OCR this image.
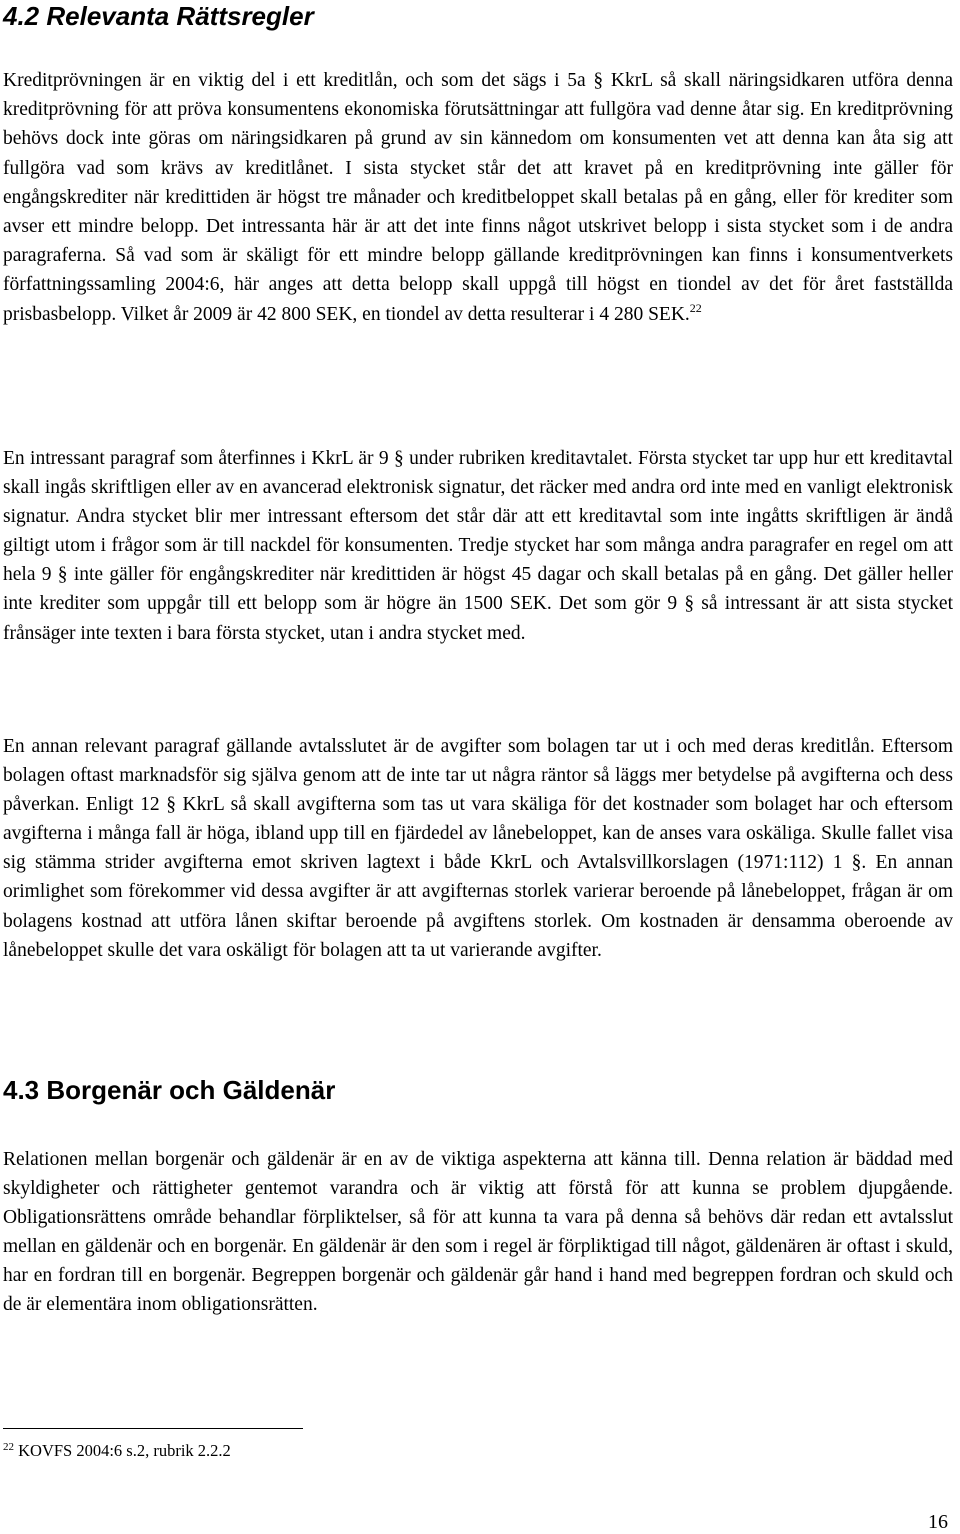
4.2 Relevanta Rättsregler

Kreditprövningen är en viktig del i ett kreditlån, och som det sägs i 5a § KkrL så skall näringsidkaren utföra denna kreditprövning för att pröva konsumentens ekonomiska förutsättningar att fullgöra vad denne åtar sig. En kreditprövning behövs dock inte göras om näringsidkaren på grund av sin kännedom om konsumenten vet att denna kan åta sig att fullgöra vad som krävs av kreditlånet. I sista stycket står det att kravet på en kreditprövning inte gäller för engångskrediter när kredittiden är högst tre månader och kreditbeloppet skall betalas på en gång, eller för krediter som avser ett mindre belopp. Det intressanta här är att det inte finns något utskrivet belopp i sista stycket som i de andra paragraferna. Så vad som är skäligt för ett mindre belopp gällande kreditprövningen kan finns i konsumentverkets författningssamling 2004:6, här anges att detta belopp skall uppgå till högst en tiondel av det för året fastställda prisbasbelopp. Vilket år 2009 är 42 800 SEK, en tiondel av detta resulterar i 4 280 SEK.$^{22}$

En intressant paragraf som återfinnes i KkrL är 9 § under rubriken kreditavtalet. Första stycket tar upp hur ett kreditavtal skall ingås skriftligen eller av en avancerad elektronisk signatur, det räcker med andra ord inte med en vanligt elektronisk signatur. Andra stycket blir mer intressant eftersom det står där att ett kreditavtal som inte ingåtts skriftligen är ändå giltigt utom i frågor som är till nackdel för konsumenten. Tredje stycket har som många andra paragrafer en regel om att hela 9 § inte gäller för engångskrediter när kredittiden är högst 45 dagar och skall betalas på en gång. Det gäller heller inte krediter som uppgår till ett belopp som är högre än 1500 SEK. Det som gör 9 § så intressant är att sista stycket frånsäger inte texten i bara första stycket, utan i andra stycket med.

En annan relevant paragraf gällande avtalsslutet är de avgifter som bolagen tar ut i och med deras kreditlån. Eftersom bolagen oftast marknadsför sig själva genom att de inte tar ut några räntor så läggs mer betydelse på avgifterna och dess påverkan. Enligt 12 § KkrL så skall avgifterna som tas ut vara skäliga för det kostnader som bolaget har och eftersom avgifterna i många fall är höga, ibland upp till en fjärdedel av lånebeloppet, kan de anses vara oskäliga. Skulle fallet visa sig stämma strider avgifterna emot skriven lagtext i både KkrL och Avtalsvillkorslagen (1971:112) 1 §. En annan orimlighet som förekommer vid dessa avgifter är att avgifternas storlek varierar beroende på lånebeloppet, frågan är om bolagens kostnad att utföra lånen skiftar beroende på avgiftens storlek. Om kostnaden är densamma oberoende av lånebeloppet skulle det vara oskäligt för bolagen att ta ut varierande avgifter.

4.3 Borgenär och Gäldenär

Relationen mellan borgenär och gäldenär är en av de viktiga aspekterna att känna till. Denna relation är bäddad med skyldigheter och rättigheter gentemot varandra och är viktig att förstå för att kunna se problem djupgående. Obligationsrättens område behandlar förpliktelser, så för att kunna ta vara på denna så behövs där redan ett avtalsslut mellan en gäldenär och en borgenär. En gäldenär är den som i regel är förpliktigad till något, gäldenären är oftast i skuld, har en fordran till en borgenär. Begreppen borgenär och gäldenär går hand i hand med begreppen fordran och skuld och de är elementära inom obligationsrätten.

$^{22}$ KOVFS 2004:6 s.2, rubrik 2.2.2
16
